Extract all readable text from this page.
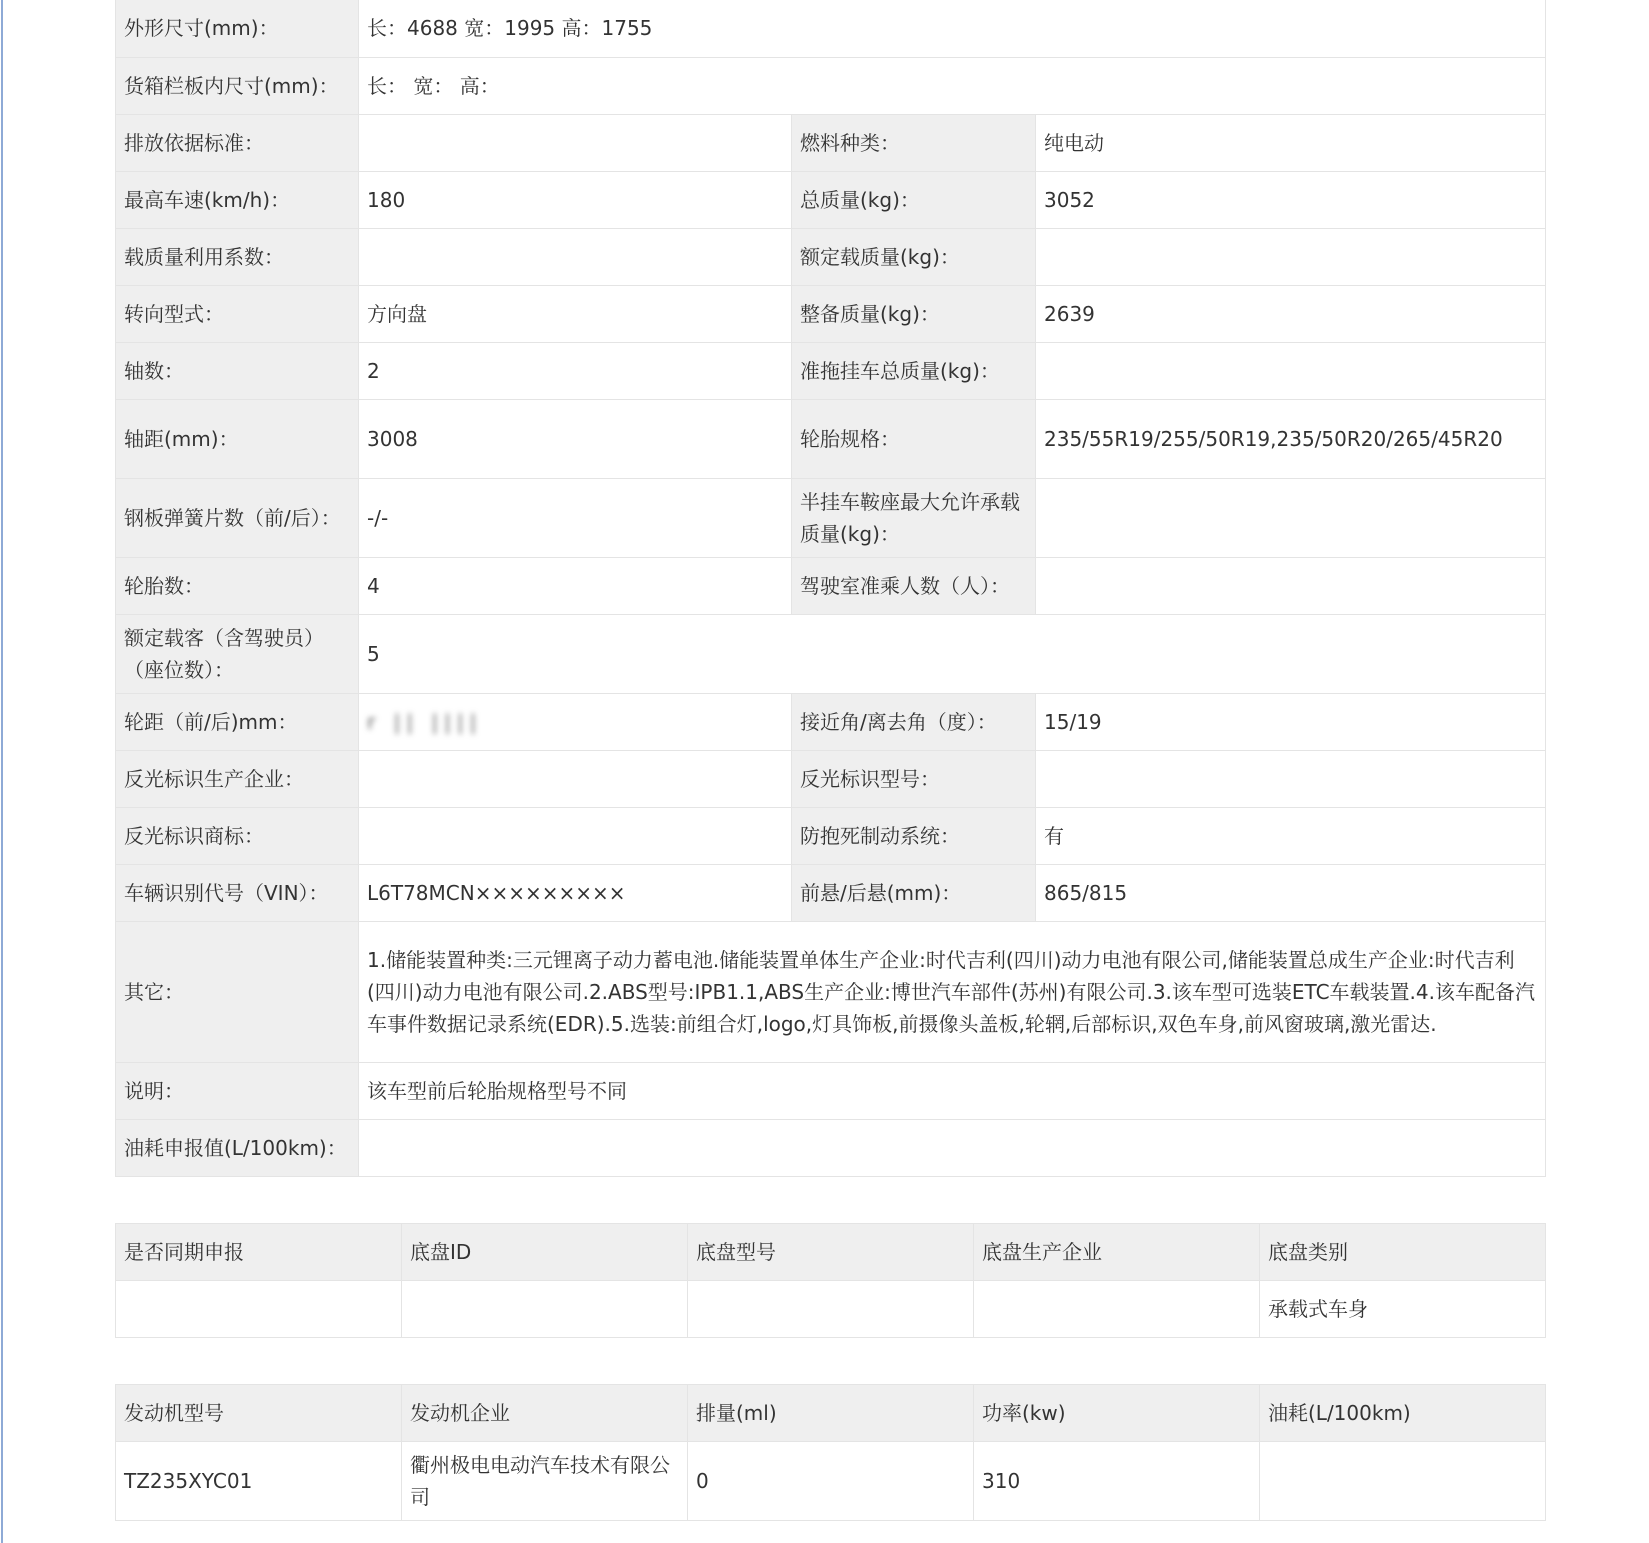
外形尺寸(mm)：	长：4688 宽：1995 高：1755		
货箱栏板内尺寸(mm)：	长： 宽： 高：		
排放依据标准：		燃料种类：	纯电动
最高车速(km/h)：	180	总质量(kg)：	3052
载质量利用系数：		额定载质量(kg)：	
转向型式：	方向盘	整备质量(kg)：	2639
轴数：	2	准拖挂车总质量(kg)：	
轴距(mm)：	3008	轮胎规格：	235/55R19/255/50R19,235/50R20/265/45R20
钢板弹簧片数（前/后）：	-/-	半挂车鞍座最大允许承载质量(kg)：	
轮胎数：	4	驾驶室准乘人数（人）：	
额定载客（含驾驶员）（座位数）：	5		
轮距（前/后)mm：	r || ||||	接近角/离去角（度）：	15/19
反光标识生产企业：		反光标识型号：	
反光标识商标：		防抱死制动系统：	有
车辆识别代号（VIN）：	L6T78MCN×××××××××	前悬/后悬(mm)：	865/815
其它：	1.储能装置种类:三元锂离子动力蓄电池.储能装置单体生产企业:时代吉利(四川)动力电池有限公司,储能装置总成生产企业:时代吉利(四川)动力电池有限公司.2.ABS型号:IPB1.1,ABS生产企业:博世汽车部件(苏州)有限公司.3.该车型可选装ETC车载装置.4.该车配备汽车事件数据记录系统(EDR).5.选装:前组合灯,logo,灯具饰板,前摄像头盖板,轮辋,后部标识,双色车身,前风窗玻璃,激光雷达.		
说明：	该车型前后轮胎规格型号不同		
油耗申报值(L/100km)：			
是否同期申报	底盘ID	底盘型号	底盘生产企业	底盘类别
				承载式车身
发动机型号	发动机企业	排量(ml)	功率(kw)	油耗(L/100km)
TZ235XYC01	衢州极电电动汽车技术有限公司	0	310	
